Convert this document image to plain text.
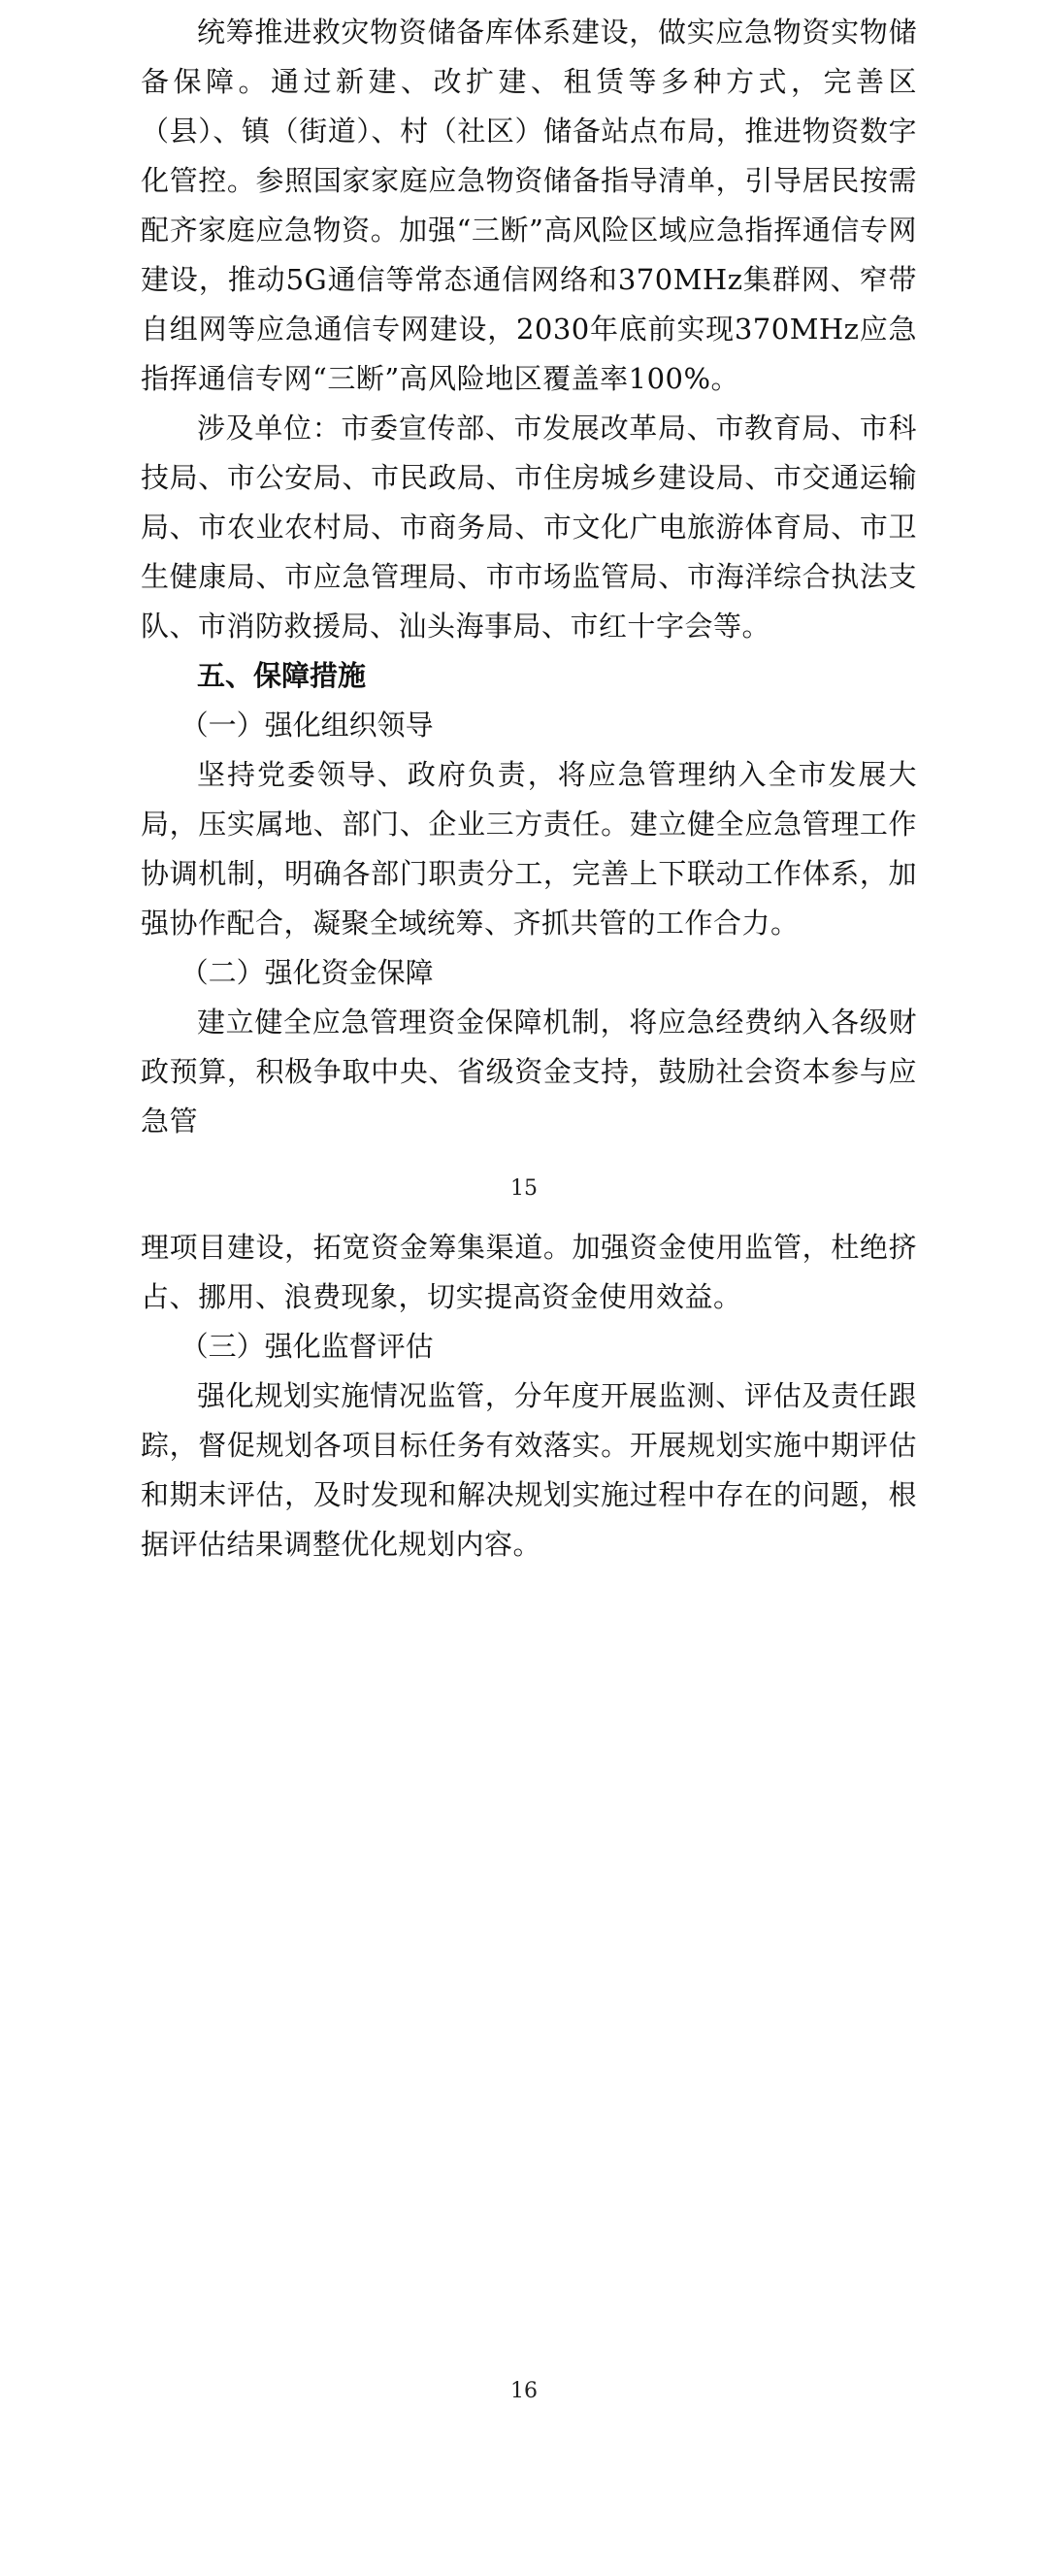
统筹推进救灾物资储备库体系建设，做实应急物资实物储备保障。通过新建、改扩建、租赁等多种方式，完善区（县）、镇（街道）、村（社区）储备站点布局，推进物资数字化管控。参照国家家庭应急物资储备指导清单，引导居民按需配齐家庭应急物资。加强“三断”高风险区域应急指挥通信专网建设，推动5G通信等常态通信网络和370MHz集群网、窄带自组网等应急通信专网建设，2030年底前实现370MHz应急指挥通信专网“三断”高风险地区覆盖率100%。

涉及单位：市委宣传部、市发展改革局、市教育局、市科技局、市公安局、市民政局、市住房城乡建设局、市交通运输局、市农业农村局、市商务局、市文化广电旅游体育局、市卫生健康局、市应急管理局、市市场监管局、市海洋综合执法支队、市消防救援局、汕头海事局、市红十字会等。

五、保障措施
（一）强化组织领导

坚持党委领导、政府负责，将应急管理纳入全市发展大局，压实属地、部门、企业三方责任。建立健全应急管理工作协调机制，明确各部门职责分工，完善上下联动工作体系，加强协作配合，凝聚全域统筹、齐抓共管的工作合力。

（二）强化资金保障

建立健全应急管理资金保障机制，将应急经费纳入各级财政预算，积极争取中央、省级资金支持，鼓励社会资本参与应急管

15

理项目建设，拓宽资金筹集渠道。加强资金使用监管，杜绝挤占、挪用、浪费现象，切实提高资金使用效益。

（三）强化监督评估

强化规划实施情况监管，分年度开展监测、评估及责任跟踪，督促规划各项目标任务有效落实。开展规划实施中期评估和期末评估，及时发现和解决规划实施过程中存在的问题，根据评估结果调整优化规划内容。

16
